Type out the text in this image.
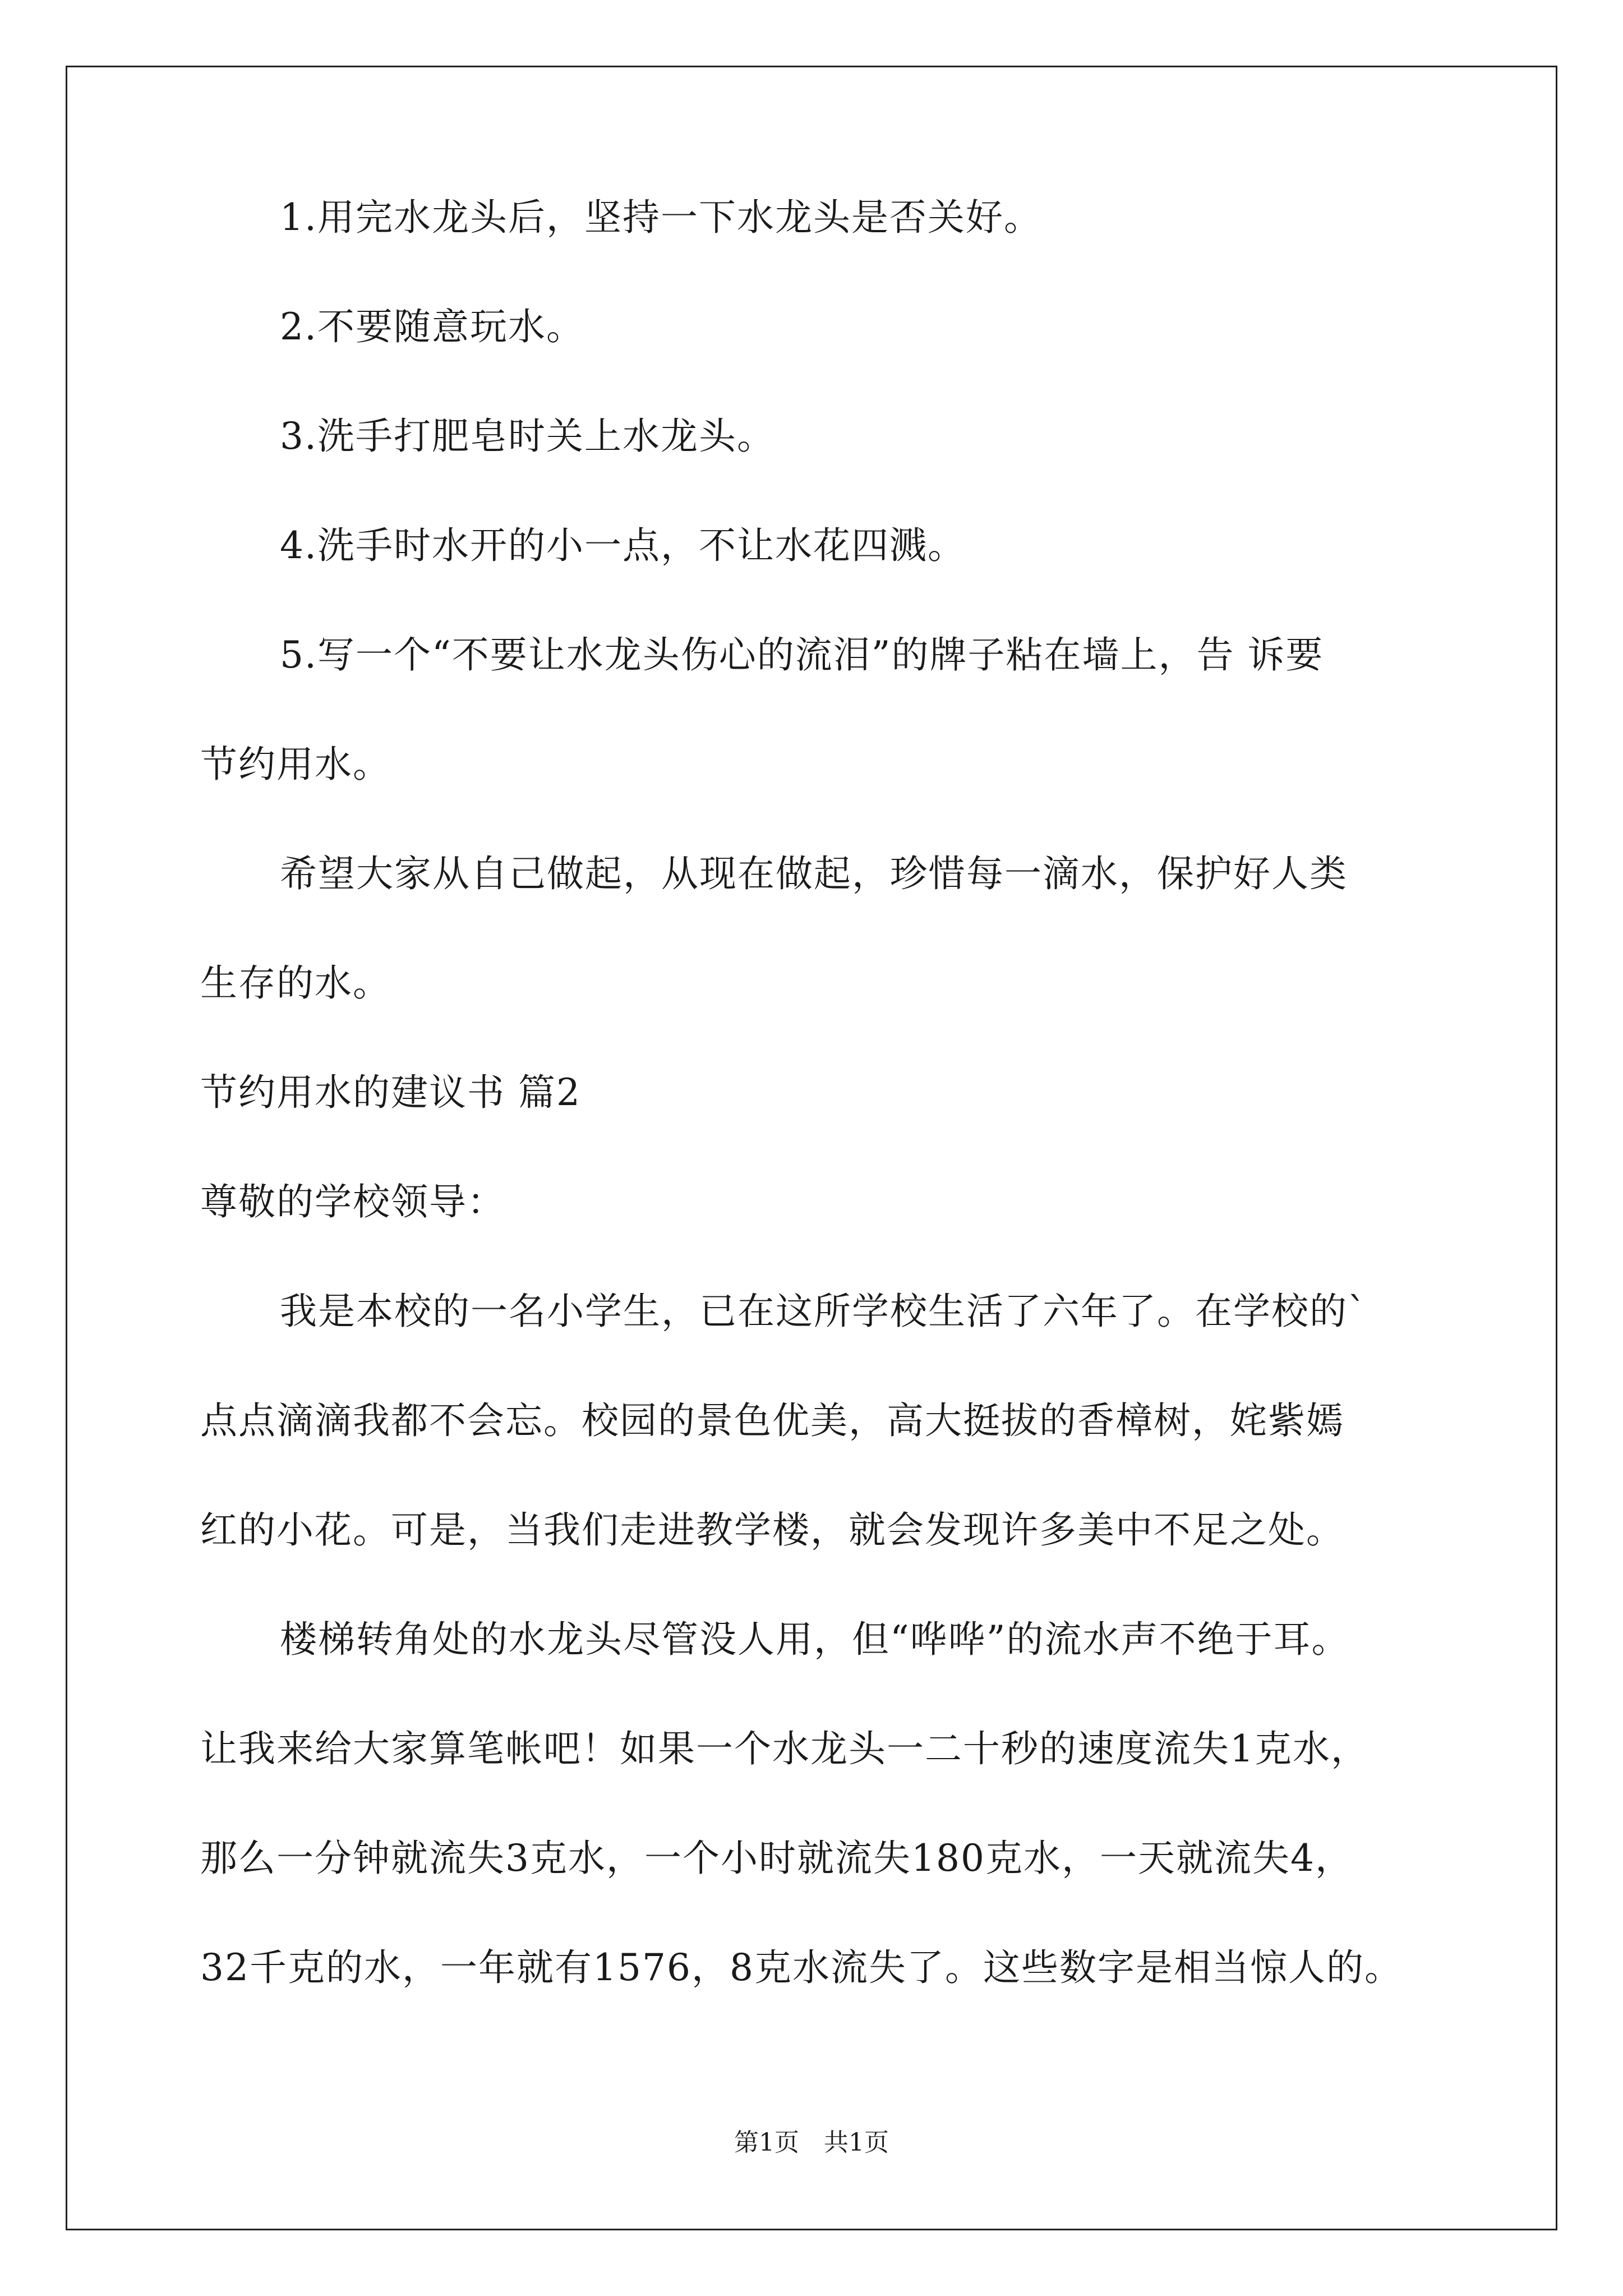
1.用完水龙头后，坚持一下水龙头是否关好。
2.不要随意玩水。
3.洗手打肥皂时关上水龙头。
4.洗手时水开的小一点，不让水花四溅。
5.写一个“不要让水龙头伤心的流泪”的牌子粘在墙上，告 诉要
节约用水。
希望大家从自己做起，从现在做起，珍惜每一滴水，保护好人类
生存的水。
节约用水的建议书 篇2
尊敬的学校领导：
我是本校的一名小学生，已在这所学校生活了六年了。在学校的`
点点滴滴我都不会忘。校园的景色优美，高大挺拔的香樟树，姹紫嫣
红的小花。可是，当我们走进教学楼，就会发现许多美中不足之处。
楼梯转角处的水龙头尽管没人用，但“哗哗”的流水声不绝于耳。
让我来给大家算笔帐吧！如果一个水龙头一二十秒的速度流失1克水，
那么一分钟就流失3克水，一个小时就流失180克水，一天就流失4，
32千克的水，一年就有1576，8克水流失了。这些数字是相当惊人的。
第1页　共1页
